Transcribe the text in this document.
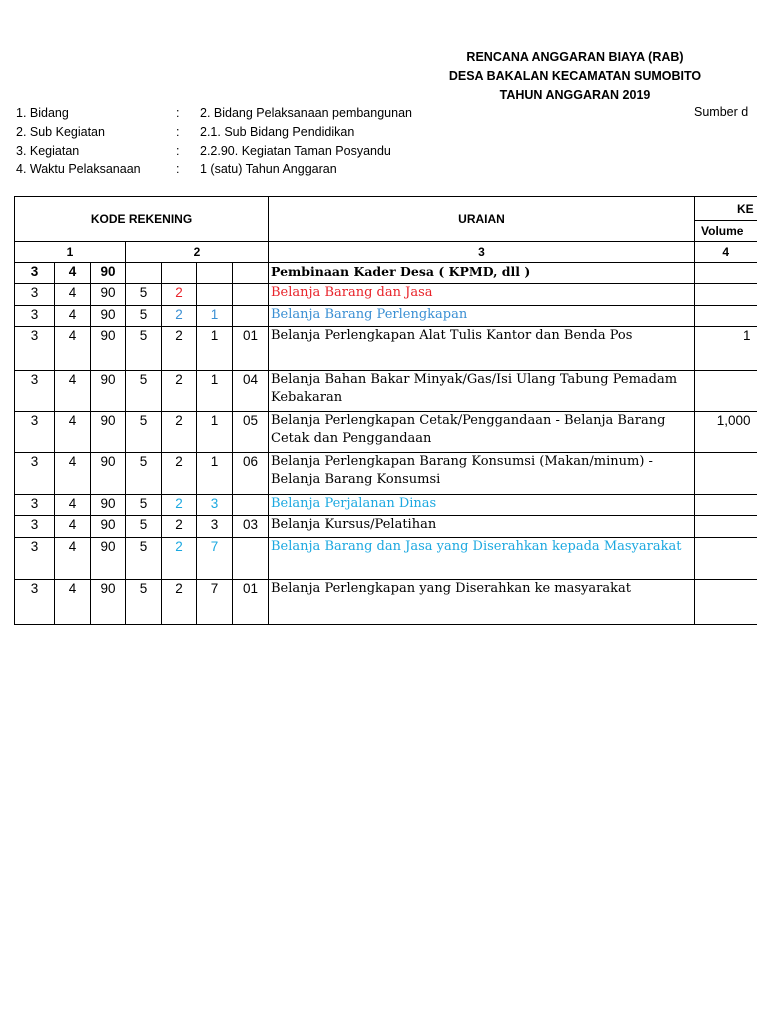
RENCANA ANGGARAN BIAYA (RAB)
DESA BAKALAN KECAMATAN SUMOBITO
TAHUN ANGGARAN 2019
1. Bidang	: 2. Bidang Pelaksanaan pembangunan
2. Sub Kegiatan	: 2.1. Sub Bidang Pendidikan
3. Kegiatan	: 2.2.90. Kegiatan Taman Posyandu
4. Waktu Pelaksanaan	: 1 (satu) Tahun Anggaran
Sumber d
KODE REKENING							URAIAN	KE
								Volume
1			2				3	4
3	4	90					Pembinaan Kader Desa ( KPMD, dll )	
3	4	90	5	2			Belanja Barang dan Jasa	
3	4	90	5	2	1		Belanja Barang Perlengkapan	
3	4	90	5	2	1	01	Belanja Perlengkapan Alat Tulis Kantor dan Benda Pos	1
3	4	90	5	2	1	04	Belanja Bahan Bakar Minyak/Gas/Isi Ulang Tabung Pemadam Kebakaran	
3	4	90	5	2	1	05	Belanja Perlengkapan Cetak/Penggandaan - Belanja Barang Cetak dan Penggandaan	1,000
3	4	90	5	2	1	06	Belanja Perlengkapan Barang Konsumsi (Makan/minum) - Belanja Barang Konsumsi	
3	4	90	5	2	3		Belanja Perjalanan Dinas	
3	4	90	5	2	3	03	Belanja Kursus/Pelatihan	
3	4	90	5	2	7		Belanja Barang dan Jasa yang Diserahkan kepada Masyarakat	
3	4	90	5	2	7	01	Belanja Perlengkapan yang Diserahkan ke masyarakat	
